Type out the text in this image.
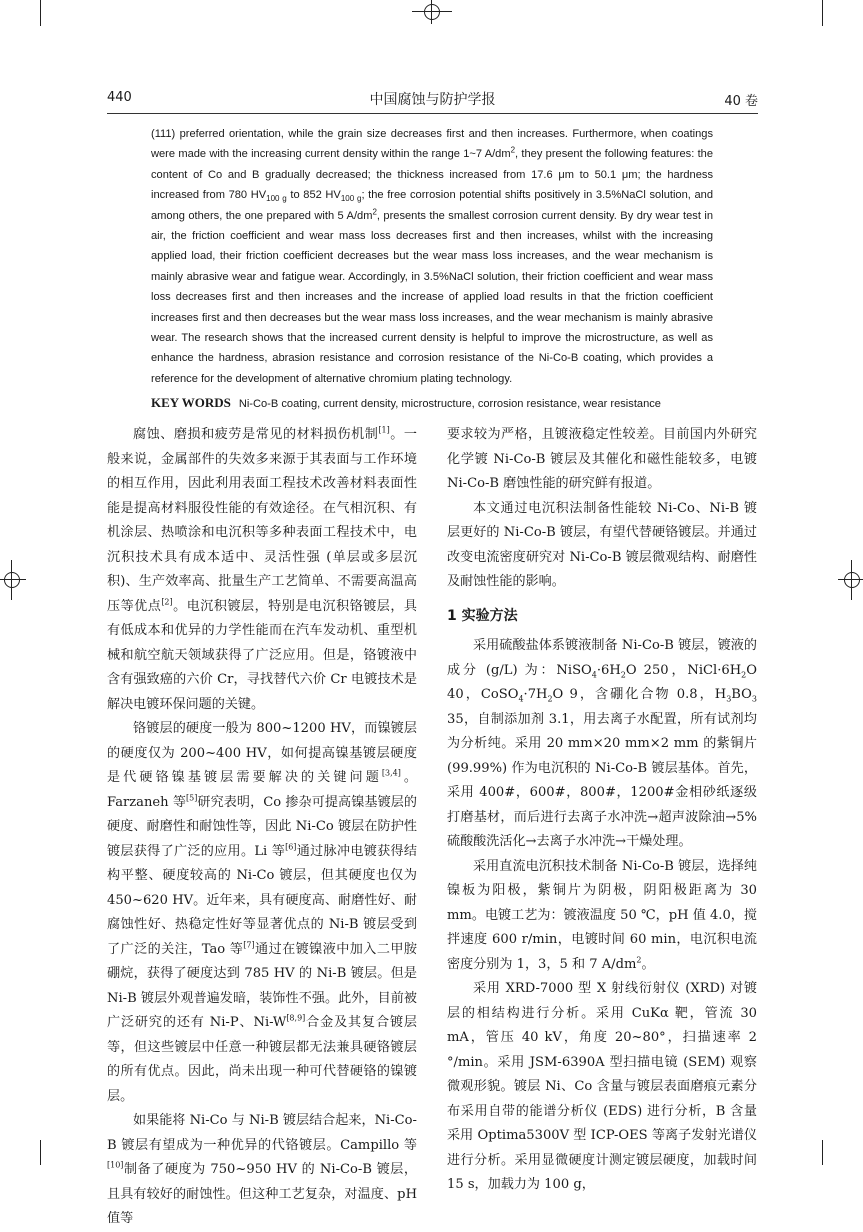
440	中国腐蚀与防护学报	40 卷

(111) preferred orientation, while the grain size decreases first and then increases. Furthermore, when coatings were made with the increasing current density within the range 1~7 $A/dm^2$, they present the following features: the content of Co and B gradually decreased; the thickness increased from 17.6 μm to 50.1 μm; the hardness increased from 780 $HV_{100 g}$ to 852 $HV_{100 g}$; the free corrosion potential shifts positively in 3.5%NaCl solution, and among others, the one prepared with 5 $A/dm^2$, presents the smallest corrosion current density. By dry wear test in air, the friction coefficient and wear mass loss decreases first and then increases, whilst with the increasing applied load, their friction coefficient decreases but the wear mass loss increases, and the wear mechanism is mainly abrasive wear and fatigue wear. Accordingly, in 3.5%NaCl solution, their friction coefficient and wear mass loss decreases first and then increases and the increase of applied load results in that the friction coefficient increases first and then decreases but the wear mass loss increases, and the wear mechanism is mainly abrasive wear. The research shows that the increased current density is helpful to improve the microstructure, as well as enhance the hardness, abrasion resistance and corrosion resistance of the Ni-Co-B coating, which provides a reference for the development of alternative chromium plating technology.

KEY WORDS Ni-Co-B coating, current density, microstructure, corrosion resistance, wear resistance

腐蚀、磨损和疲劳是常见的材料损伤机制[1]。一般来说，金属部件的失效多来源于其表面与工作环境的相互作用，因此利用表面工程技术改善材料表面性能是提高材料服役性能的有效途径。在气相沉积、有机涂层、热喷涂和电沉积等多种表面工程技术中，电沉积技术具有成本适中、灵活性强 (单层或多层沉积)、生产效率高、批量生产工艺简单、不需要高温高压等优点[2]。电沉积镀层，特别是电沉积铬镀层，具有低成本和优异的力学性能而在汽车发动机、重型机械和航空航天领域获得了广泛应用。但是，铬镀液中含有强致癌的六价 Cr，寻找替代六价 Cr 电镀技术是解决电镀环保问题的关键。

铬镀层的硬度一般为 800~1200 HV，而镍镀层的硬度仅为 200~400 HV，如何提高镍基镀层硬度是代硬铬镍基镀层需要解决的关键问题[3,4]。Farzaneh 等[5]研究表明，Co 掺杂可提高镍基镀层的硬度、耐磨性和耐蚀性等，因此 Ni-Co 镀层在防护性镀层获得了广泛的应用。Li 等[6]通过脉冲电镀获得结构平整、硬度较高的 Ni-Co 镀层，但其硬度也仅为 450~620 HV。近年来，具有硬度高、耐磨性好、耐腐蚀性好、热稳定性好等显著优点的 Ni-B 镀层受到了广泛的关注，Tao 等[7]通过在镀镍液中加入二甲胺硼烷，获得了硬度达到 785 HV 的 Ni-B 镀层。但是 Ni-B 镀层外观普遍发暗，装饰性不强。此外，目前被广泛研究的还有 Ni-P、Ni-W[8,9]合金及其复合镀层等，但这些镀层中任意一种镀层都无法兼具硬铬镀层的所有优点。因此，尚未出现一种可代替硬铬的镍镀层。

如果能将 Ni-Co 与 Ni-B 镀层结合起来，Ni-Co-B 镀层有望成为一种优异的代铬镀层。Campillo 等[10]制备了硬度为 750~950 HV 的 Ni-Co-B 镀层，且具有较好的耐蚀性。但这种工艺复杂，对温度、pH 值等

要求较为严格，且镀液稳定性较差。目前国内外研究化学镀 Ni-Co-B 镀层及其催化和磁性能较多，电镀 Ni-Co-B 磨蚀性能的研究鲜有报道。

本文通过电沉积法制备性能较 Ni-Co、Ni-B 镀层更好的 Ni-Co-B 镀层，有望代替硬铬镀层。并通过改变电流密度研究对 Ni-Co-B 镀层微观结构、耐磨性及耐蚀性能的影响。

1 实验方法

采用硫酸盐体系镀液制备 Ni-Co-B 镀层，镀液的成分 (g/L) 为：$NiSO_4\cdot 6H_2O$ 250，$NiCl\cdot 6H_2O$ 40，$CoSO_4\cdot 7H_2O$ 9，含硼化合物 0.8，$H_3BO_3$ 35，自制添加剂 3.1，用去离子水配置，所有试剂均为分析纯。采用 20 mm×20 mm×2 mm 的紫铜片 (99.99%) 作为电沉积的 Ni-Co-B 镀层基体。首先，采用 400#，600#，800#，1200#金相砂纸逐级打磨基材，而后进行去离子水冲洗→超声波除油→5% 硫酸酸洗活化→去离子水冲洗→干燥处理。

采用直流电沉积技术制备 Ni-Co-B 镀层，选择纯镍板为阳极，紫铜片为阴极，阴阳极距离为 30 mm。电镀工艺为：镀液温度 50 ℃，pH 值 4.0，搅拌速度 600 r/min，电镀时间 60 min，电沉积电流密度分别为 1，3，5 和 7 $A/dm^2$。

采用 XRD-7000 型 X 射线衍射仪 (XRD) 对镀层的相结构进行分析。采用 CuKα 靶，管流 30 mA，管压 40 kV，角度 20~80°，扫描速率 2 °/min。采用 JSM-6390A 型扫描电镜 (SEM) 观察微观形貌。镀层 Ni、Co 含量与镀层表面磨痕元素分布采用自带的能谱分析仪 (EDS) 进行分析，B 含量采用 Optima5300V 型 ICP-OES 等离子发射光谱仪进行分析。采用显微硬度计测定镀层硬度，加载时间 15 s，加载力为 100 g，
